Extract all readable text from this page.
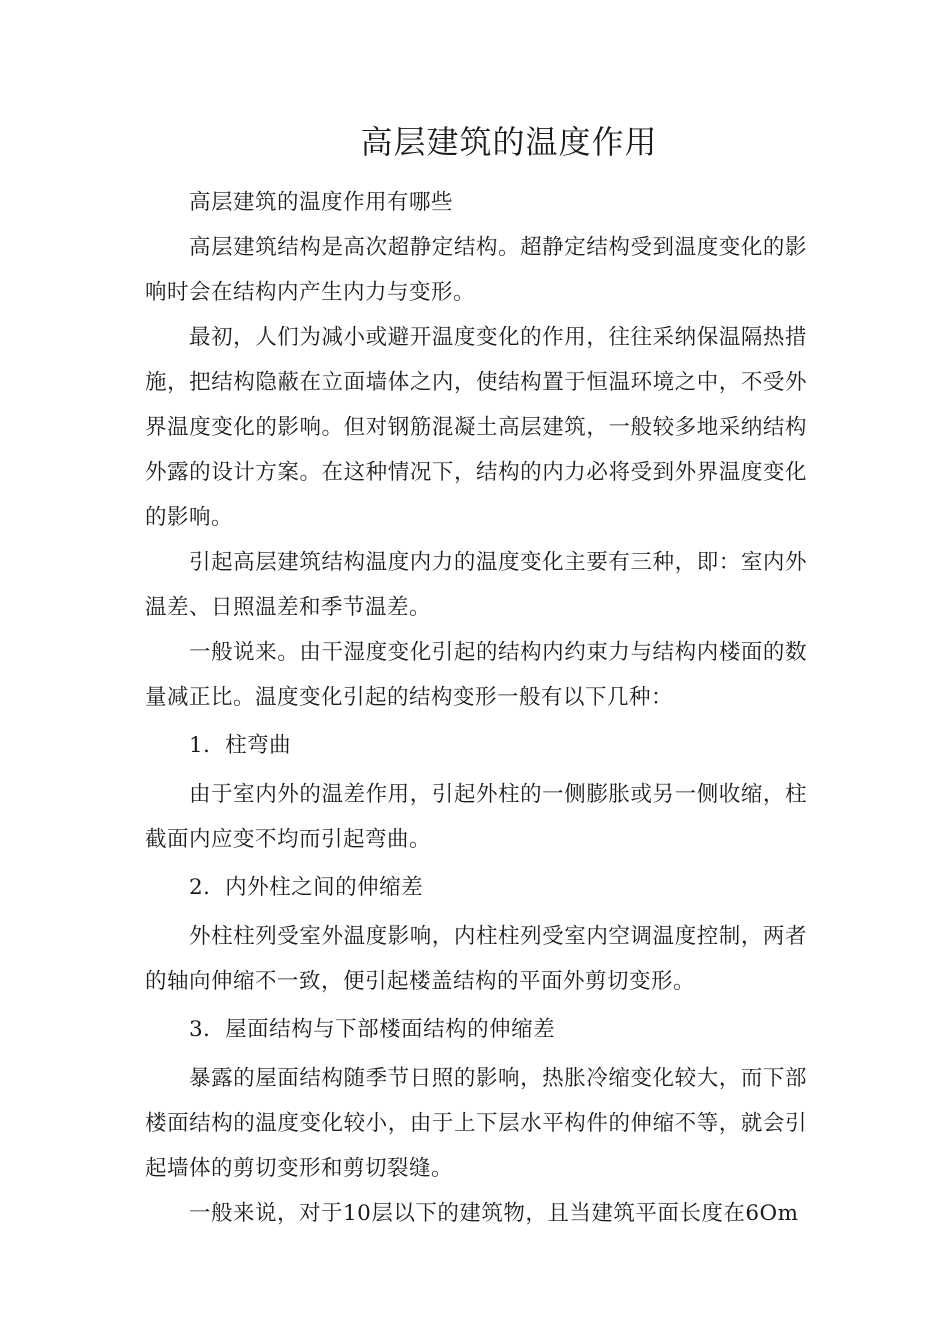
高层建筑的温度作用

高层建筑的温度作用有哪些

高层建筑结构是高次超静定结构。超静定结构受到温度变化的影响时会在结构内产生内力与变形。

最初，人们为减小或避开温度变化的作用，往往采纳保温隔热措施，把结构隐蔽在立面墙体之内，使结构置于恒温环境之中，不受外界温度变化的影响。但对钢筋混凝土高层建筑，一般较多地采纳结构外露的设计方案。在这种情况下，结构的内力必将受到外界温度变化的影响。

引起高层建筑结构温度内力的温度变化主要有三种，即：室内外温差、日照温差和季节温差。

一般说来。由干湿度变化引起的结构内约束力与结构内楼面的数量减正比。温度变化引起的结构变形一般有以下几种：

1．柱弯曲

由于室内外的温差作用，引起外柱的一侧膨胀或另一侧收缩，柱截面内应变不均而引起弯曲。

2．内外柱之间的伸缩差

外柱柱列受室外温度影响，内柱柱列受室内空调温度控制，两者的轴向伸缩不一致，便引起楼盖结构的平面外剪切变形。

3．屋面结构与下部楼面结构的伸缩差

暴露的屋面结构随季节日照的影响，热胀冷缩变化较大，而下部楼面结构的温度变化较小，由于上下层水平构件的伸缩不等，就会引起墙体的剪切变形和剪切裂缝。

一般来说，对于10层以下的建筑物，且当建筑平面长度在6Om
